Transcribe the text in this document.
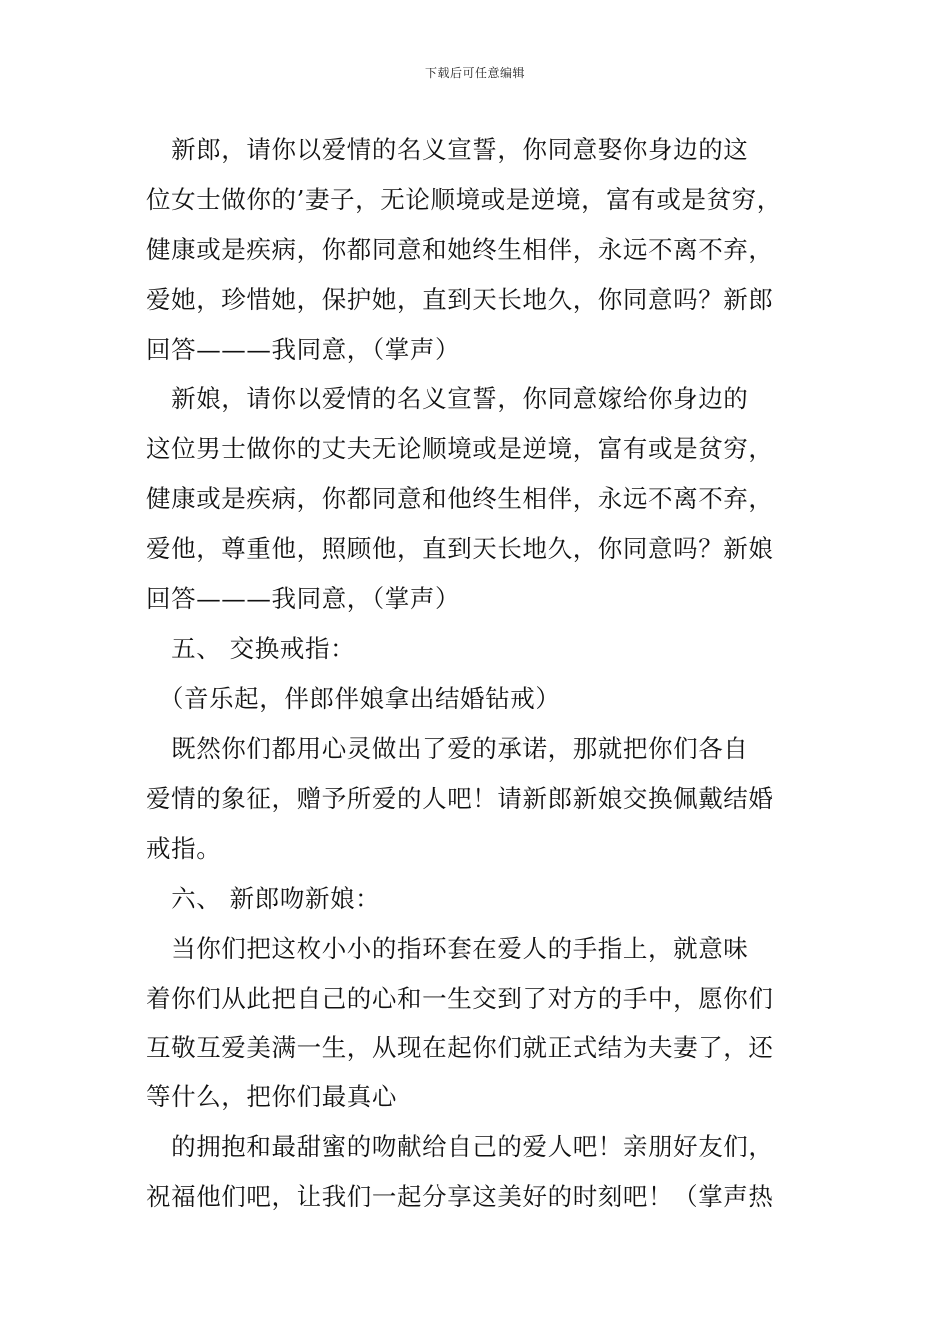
下载后可任意编辑
　新郎，请你以爱情的名义宣誓，你同意娶你身边的这
位女士做你的’妻子，无论顺境或是逆境，富有或是贫穷，
健康或是疾病，你都同意和她终生相伴，永远不离不弃，
爱她，珍惜她，保护她，直到天长地久，你同意吗？新郎
回答———我同意，（掌声）
　新娘，请你以爱情的名义宣誓，你同意嫁给你身边的
这位男士做你的丈夫无论顺境或是逆境，富有或是贫穷，
健康或是疾病，你都同意和他终生相伴，永远不离不弃，
爱他，尊重他，照顾他，直到天长地久，你同意吗？新娘
回答———我同意，（掌声）
　五、 交换戒指：
　（音乐起，伴郎伴娘拿出结婚钻戒）
　既然你们都用心灵做出了爱的承诺，那就把你们各自
爱情的象征，赠予所爱的人吧！请新郎新娘交换佩戴结婚
戒指。
　六、 新郎吻新娘：
　当你们把这枚小小的指环套在爱人的手指上，就意味
着你们从此把自己的心和一生交到了对方的手中，愿你们
互敬互爱美满一生，从现在起你们就正式结为夫妻了，还
等什么，把你们最真心
　的拥抱和最甜蜜的吻献给自己的爱人吧！亲朋好友们，
祝福他们吧，让我们一起分享这美好的时刻吧！（掌声热
